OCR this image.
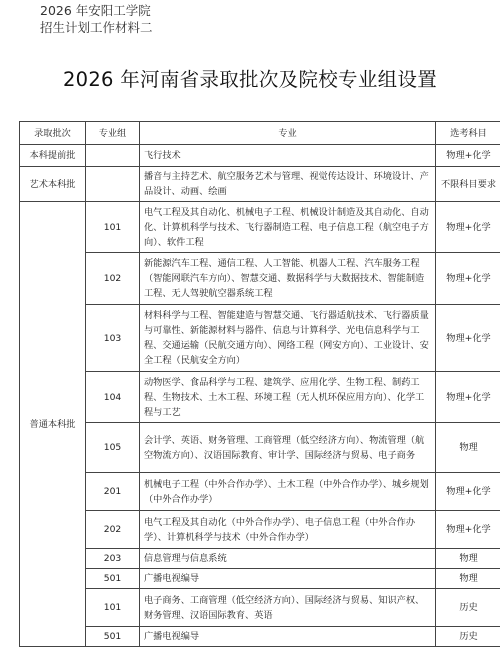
2026 年安阳工学院
招生计划工作材料二
2026 年河南省录取批次及院校专业组设置
录取批次	专业组	专业	选考科目
本科提前批		飞行技术	物理+化学
艺术本科批		播音与主持艺术、航空服务艺术与管理、视觉传达设计、环境设计、产品设计、动画、绘画	不限科目要求
普通本科批	101	电气工程及其自动化、机械电子工程、机械设计制造及其自动化、自动化、计算机科学与技术、飞行器制造工程、电子信息工程（航空电子方向）、软件工程	物理+化学
	102	新能源汽车工程、通信工程、人工智能、机器人工程、汽车服务工程（智能网联汽车方向）、智慧交通、数据科学与大数据技术、智能制造工程、无人驾驶航空器系统工程	物理+化学
	103	材料科学与工程、智能建造与智慧交通、飞行器适航技术、飞行器质量与可靠性、新能源材料与器件、信息与计算科学、光电信息科学与工程、交通运输（民航交通方向）、网络工程（网安方向）、工业设计、安全工程（民航安全方向）	物理+化学
	104	动物医学、食品科学与工程、建筑学、应用化学、生物工程、制药工程、生物技术、土木工程、环境工程（无人机环保应用方向）、化学工程与工艺	物理+化学
	105	会计学、英语、财务管理、工商管理（低空经济方向）、物流管理（航空物流方向）、汉语国际教育、审计学、国际经济与贸易、电子商务	物理
	201	机械电子工程（中外合作办学）、土木工程（中外合作办学）、城乡规划（中外合作办学）	物理+化学
	202	电气工程及其自动化（中外合作办学）、电子信息工程（中外合作办学）、计算机科学与技术（中外合作办学）	物理+化学
	203	信息管理与信息系统	物理
	501	广播电视编导	物理
	101	电子商务、工商管理（低空经济方向）、国际经济与贸易、知识产权、财务管理、汉语国际教育、英语	历史
	501	广播电视编导	历史
